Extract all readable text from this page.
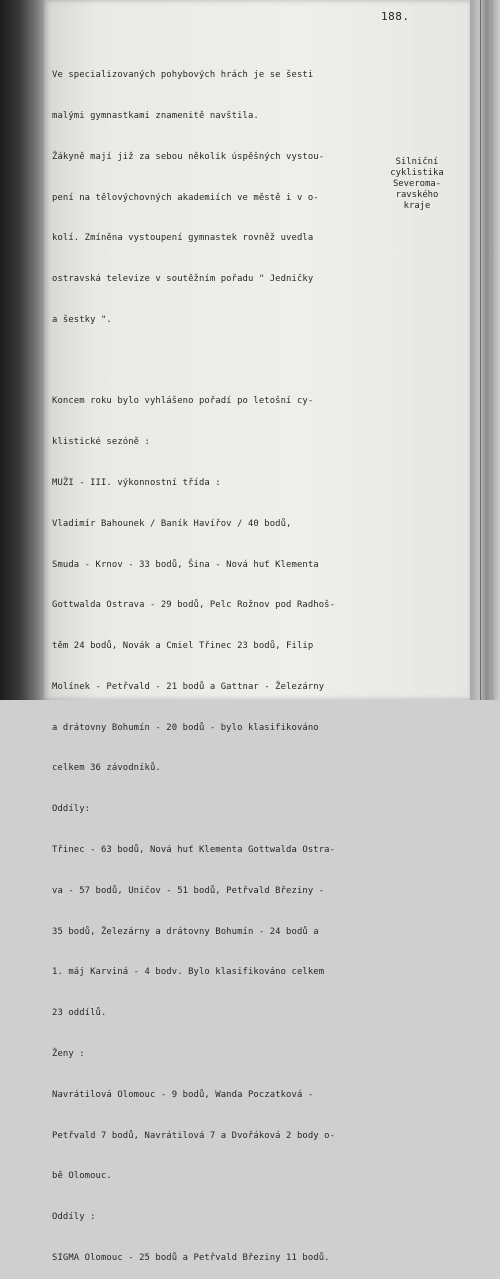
188.

Ve specializovaných pohybových hrách je se šesti

malými gymnastkami znamenitě navštila.

Žákyně mají již za sebou několik úspěšných vystou-

pení na tělovýchovných akademiích ve městě i v o-

kolí. Zmíněna vystoupení gymnastek rovněž uvedla

ostravská televize v soutěžním pořadu " Jedničky

a šestky ".

Koncem roku bylo vyhlášeno pořadí po letošní cy-

klistické sezóně :

MUŽI - III. výkonnostní třída :

Vladimír Bahounek / Baník Havířov / 40 bodů,

Smuda - Krnov - 33 bodů, Šina - Nová huť Klementa

Gottwalda Ostrava - 29 bodů, Pelc Rožnov pod Radhoš-

těm 24 bodů, Novák a Cmiel Třinec 23 bodů, Filip

Molínek - Petřvald - 21 bodů a Gattnar - Železárny

a drátovny Bohumín - 20 bodů - bylo klasifikováno

celkem 36 závodníků.

Oddíly:

Třinec - 63 bodů, Nová huť Klementa Gottwalda Ostra-

va - 57 bodů, Uničov - 51 bodů, Petřvald Březiny -

35 bodů, Železárny a drátovny Bohumín - 24 bodů a

1. máj Karviná - 4 bodv. Bylo klasifikováno celkem

23 oddílů.

Ženy :

Navrátilová Olomouc - 9 bodů, Wanda Poczatková -

Petřvald 7 bodů, Navrátilová 7 a Dvořáková 2 body o-

bě Olomouc.

Oddíly :

SIGMA Olomouc - 25 bodů a Petřvald Březiny 11 bodů.

Silniční
cyklistika
Severoma-
ravského
kraje
